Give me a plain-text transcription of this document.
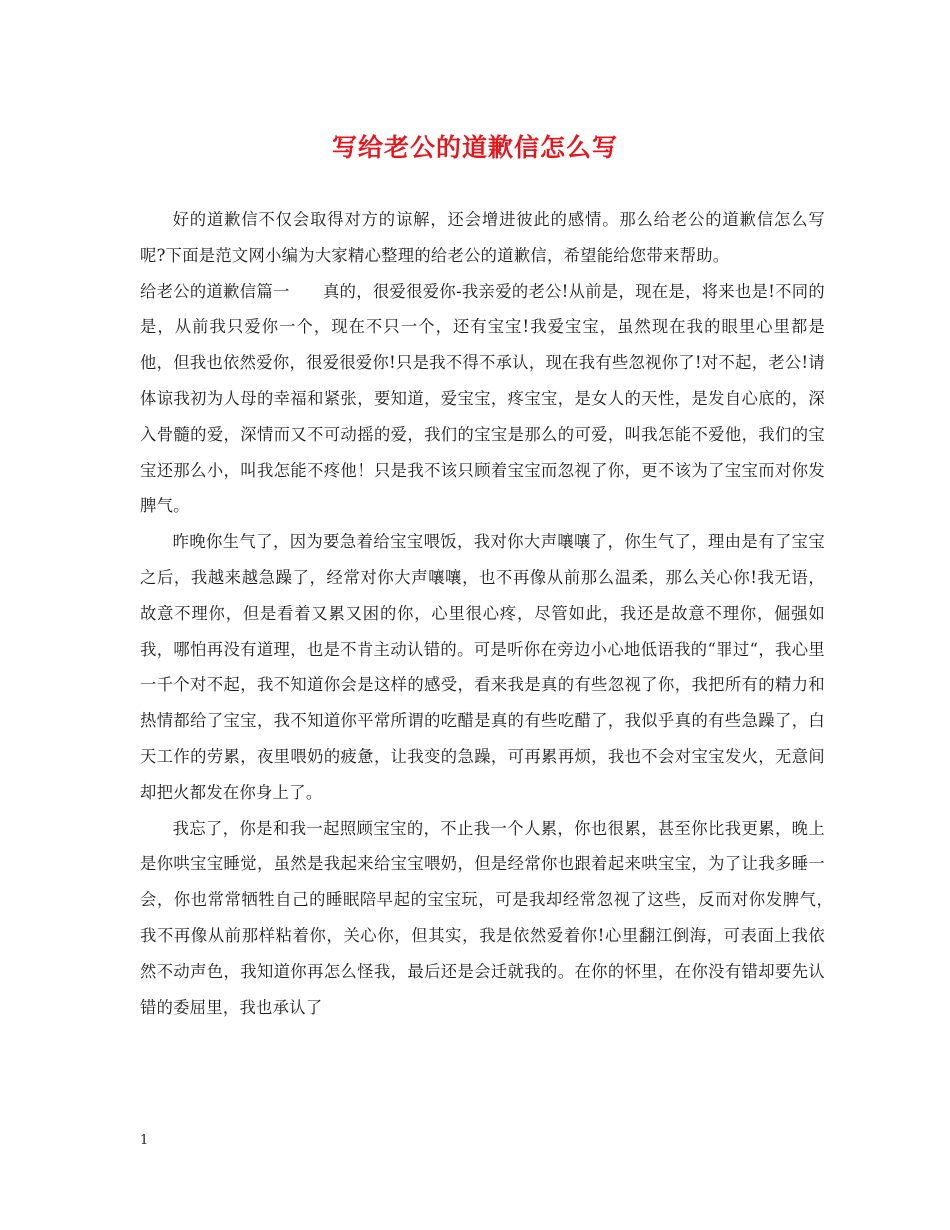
写给老公的道歉信怎么写

好的道歉信不仅会取得对方的谅解，还会增进彼此的感情。那么给老公的道歉信怎么写呢?下面是范文网小编为大家精心整理的给老公的道歉信，希望能给您带来帮助。

给老公的道歉信篇一　　真的，很爱很爱你-我亲爱的老公!从前是，现在是，将来也是!不同的是，从前我只爱你一个，现在不只一个，还有宝宝!我爱宝宝，虽然现在我的眼里心里都是他，但我也依然爱你，很爱很爱你!只是我不得不承认，现在我有些忽视你了!对不起，老公!请体谅我初为人母的幸福和紧张，要知道，爱宝宝，疼宝宝，是女人的天性，是发自心底的，深入骨髓的爱，深情而又不可动摇的爱，我们的宝宝是那么的可爱，叫我怎能不爱他，我们的宝宝还那么小，叫我怎能不疼他！只是我不该只顾着宝宝而忽视了你，更不该为了宝宝而对你发脾气。

昨晚你生气了，因为要急着给宝宝喂饭，我对你大声嚷嚷了，你生气了，理由是有了宝宝之后，我越来越急躁了，经常对你大声嚷嚷，也不再像从前那么温柔，那么关心你!我无语，故意不理你，但是看着又累又困的你，心里很心疼，尽管如此，我还是故意不理你，倔强如我，哪怕再没有道理，也是不肯主动认错的。可是听你在旁边小心地低语我的“罪过“，我心里一千个对不起，我不知道你会是这样的感受，看来我是真的有些忽视了你，我把所有的精力和热情都给了宝宝，我不知道你平常所谓的吃醋是真的有些吃醋了，我似乎真的有些急躁了，白天工作的劳累，夜里喂奶的疲惫，让我变的急躁，可再累再烦，我也不会对宝宝发火，无意间却把火都发在你身上了。

我忘了，你是和我一起照顾宝宝的，不止我一个人累，你也很累，甚至你比我更累，晚上是你哄宝宝睡觉，虽然是我起来给宝宝喂奶，但是经常你也跟着起来哄宝宝，为了让我多睡一会，你也常常牺牲自己的睡眠陪早起的宝宝玩，可是我却经常忽视了这些，反而对你发脾气，　我不再像从前那样粘着你，关心你，但其实，我是依然爱着你!心里翻江倒海，可表面上我依然不动声色，我知道你再怎么怪我，最后还是会迁就我的。在你的怀里，在你没有错却要先认错的委屈里，我也承认了

1
